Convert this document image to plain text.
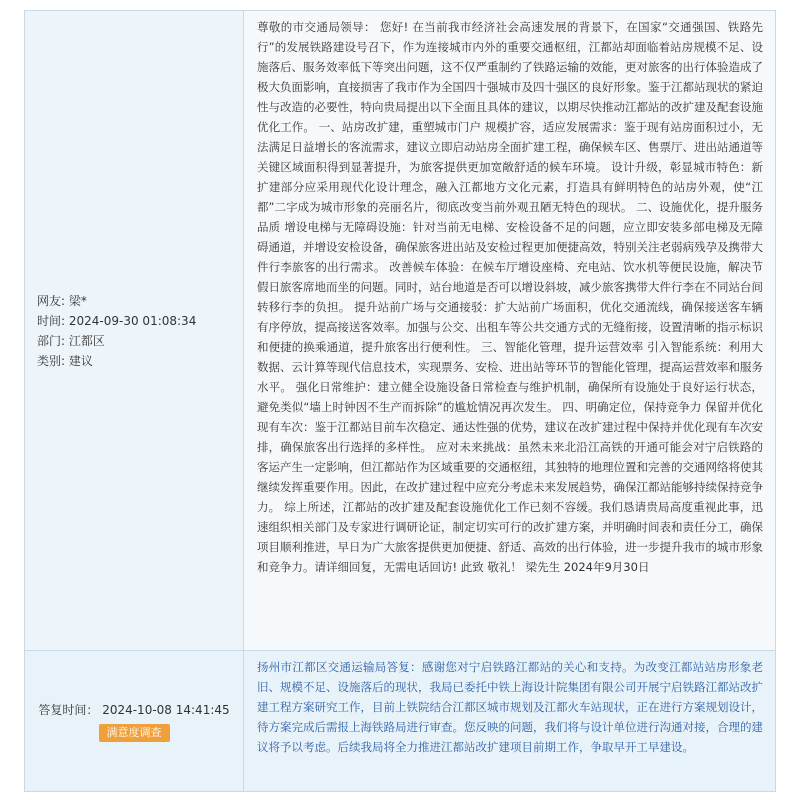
网友: 梁*
时间: 2024-09-30 01:08:34
部门: 江都区
类别: 建议

尊敬的市交通局领导： 您好! 在当前我市经济社会高速发展的背景下，在国家“交通强国、铁路先行”的发展铁路建设号召下，作为连接城市内外的重要交通枢纽，江都站却面临着站房规模不足、设施落后、服务效率低下等突出问题，这不仅严重制约了铁路运输的效能，更对旅客的出行体验造成了极大负面影响，直接损害了我市作为全国四十强城市及四十强区的良好形象。鉴于江都站现状的紧迫性与改造的必要性，特向贵局提出以下全面且具体的建议，以期尽快推动江都站的改扩建及配套设施优化工作。 一、站房改扩建，重塑城市门户 规模扩容，适应发展需求：鉴于现有站房面积过小，无法满足日益增长的客流需求，建议立即启动站房全面扩建工程，确保候车区、售票厅、进出站通道等关键区域面积得到显著提升，为旅客提供更加宽敞舒适的候车环境。 设计升级，彰显城市特色：新扩建部分应采用现代化设计理念，融入江都地方文化元素，打造具有鲜明特色的站房外观，使“江都”二字成为城市形象的亮丽名片，彻底改变当前外观丑陋无特色的现状。 二、设施优化，提升服务品质 增设电梯与无障碍设施：针对当前无电梯、安检设备不足的问题，应立即安装多部电梯及无障碍通道，并增设安检设备，确保旅客进出站及安检过程更加便捷高效，特别关注老弱病残孕及携带大件行李旅客的出行需求。 改善候车体验：在候车厅增设座椅、充电站、饮水机等便民设施，解决节假日旅客席地而坐的问题。同时，站台地道是否可以增设斜坡，减少旅客携带大件行李在不同站台间转移行李的负担。 提升站前广场与交通接驳：扩大站前广场面积，优化交通流线，确保接送客车辆有序停放，提高接送客效率。加强与公交、出租车等公共交通方式的无缝衔接，设置清晰的指示标识和便捷的换乘通道，提升旅客出行便利性。 三、智能化管理，提升运营效率 引入智能系统：利用大数据、云计算等现代信息技术，实现票务、安检、进出站等环节的智能化管理，提高运营效率和服务水平。 强化日常维护：建立健全设施设备日常检查与维护机制，确保所有设施处于良好运行状态，避免类似“墙上时钟因不生产而拆除”的尴尬情况再次发生。 四、明确定位，保持竞争力 保留并优化现有车次：鉴于江都站目前车次稳定、通达性强的优势，建议在改扩建过程中保持并优化现有车次安排，确保旅客出行选择的多样性。 应对未来挑战：虽然未来北沿江高铁的开通可能会对宁启铁路的客运产生一定影响，但江都站作为区域重要的交通枢纽，其独特的地理位置和完善的交通网络将使其继续发挥重要作用。因此，在改扩建过程中应充分考虑未来发展趋势，确保江都站能够持续保持竞争力。 综上所述，江都站的改扩建及配套设施优化工作已刻不容缓。我们恳请贵局高度重视此事，迅速组织相关部门及专家进行调研论证，制定切实可行的改扩建方案，并明确时间表和责任分工，确保项目顺利推进，早日为广大旅客提供更加便捷、舒适、高效的出行体验，进一步提升我市的城市形象和竞争力。请详细回复，无需电话回访! 此致 敬礼！ 梁先生 2024年9月30日

答复时间： 2024-10-08 14:41:45
满意度调查

扬州市江都区交通运输局答复：感谢您对宁启铁路江都站的关心和支持。为改变江都站站房形象老旧、规模不足、设施落后的现状，我局已委托中铁上海设计院集团有限公司开展宁启铁路江都站改扩建工程方案研究工作，目前上铁院结合江都区城市规划及江都火车站现状，正在进行方案规划设计，待方案完成后需报上海铁路局进行审查。您反映的问题，我们将与设计单位进行沟通对接，合理的建议将予以考虑。后续我局将全力推进江都站改扩建项目前期工作，争取早开工早建设。
